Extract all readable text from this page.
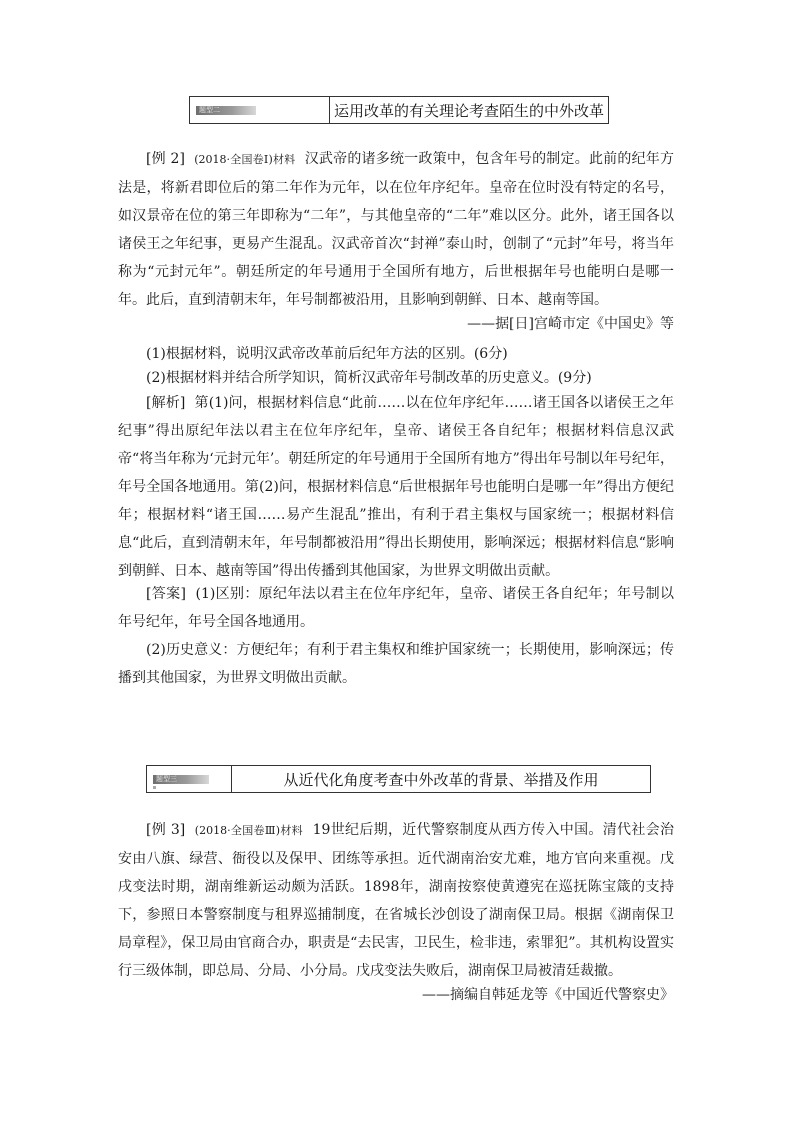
题型二	运用改革的有关理论考查陌生的中外改革

[例 2] (2018·全国卷Ⅰ)材料 汉武帝的诸多统一政策中，包含年号的制定。此前的纪年方法是，将新君即位后的第二年作为元年，以在位年序纪年。皇帝在位时没有特定的名号，如汉景帝在位的第三年即称为“二年”，与其他皇帝的“二年”难以区分。此外，诸王国各以诸侯王之年纪事，更易产生混乱。汉武帝首次“封禅”泰山时，创制了“元封”年号，将当年称为“元封元年”。朝廷所定的年号通用于全国所有地方，后世根据年号也能明白是哪一年。此后，直到清朝末年，年号制都被沿用，且影响到朝鲜、日本、越南等国。

——据[日]宫崎市定《中国史》等

(1)根据材料，说明汉武帝改革前后纪年方法的区别。(6分)

(2)根据材料并结合所学知识，简析汉武帝年号制改革的历史意义。(9分)

[解析] 第(1)问，根据材料信息“此前……以在位年序纪年……诸王国各以诸侯王之年纪事”得出原纪年法以君主在位年序纪年，皇帝、诸侯王各自纪年；根据材料信息汉武帝“将当年称为‘元封元年’。朝廷所定的年号通用于全国所有地方”得出年号制以年号纪年，年号全国各地通用。第(2)问，根据材料信息“后世根据年号也能明白是哪一年”得出方便纪年；根据材料“诸王国……易产生混乱”推出，有利于君主集权与国家统一；根据材料信息“此后，直到清朝末年，年号制都被沿用”得出长期使用，影响深远；根据材料信息“影响到朝鲜、日本、越南等国”得出传播到其他国家，为世界文明做出贡献。

[答案] (1)区别：原纪年法以君主在位年序纪年，皇帝、诸侯王各自纪年；年号制以年号纪年，年号全国各地通用。

(2)历史意义：方便纪年；有利于君主集权和维护国家统一；长期使用，影响深远；传播到其他国家，为世界文明做出贡献。

题型三	从近代化角度考查中外改革的背景、举措及作用

[例 3] (2018·全国卷Ⅲ)材料 19世纪后期，近代警察制度从西方传入中国。清代社会治安由八旗、绿营、衙役以及保甲、团练等承担。近代湖南治安尤难，地方官向来重视。戊戌变法时期，湖南维新运动颇为活跃。1898年，湖南按察使黄遵宪在巡抚陈宝箴的支持下，参照日本警察制度与租界巡捕制度，在省城长沙创设了湖南保卫局。根据《湖南保卫局章程》，保卫局由官商合办，职责是“去民害，卫民生，检非违，索罪犯”。其机构设置实行三级体制，即总局、分局、小分局。戊戌变法失败后，湖南保卫局被清廷裁撤。

——摘编自韩延龙等《中国近代警察史》
